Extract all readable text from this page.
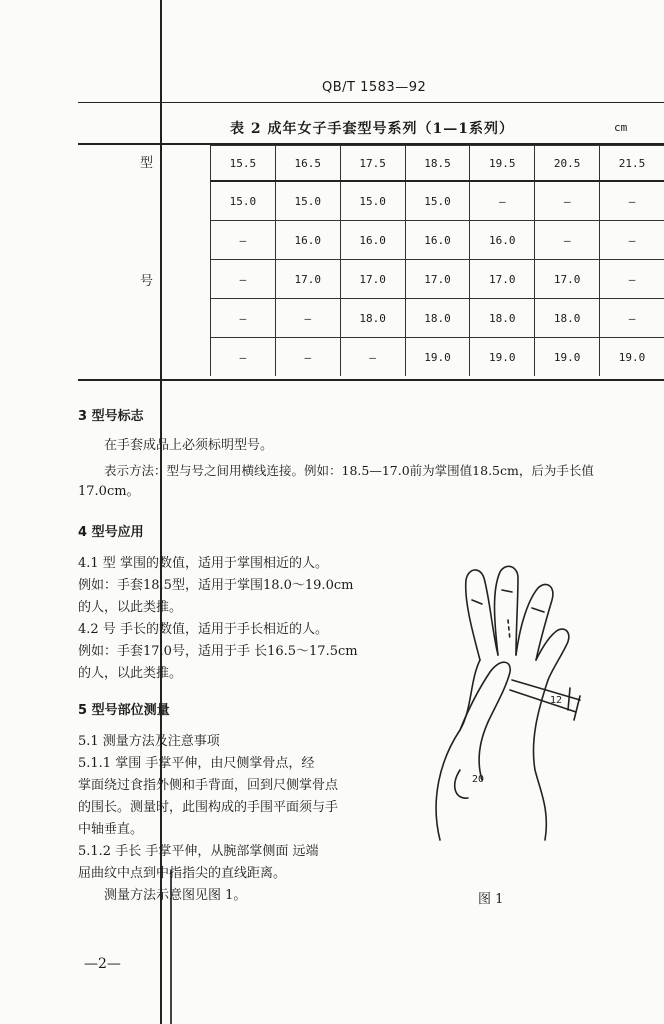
QB/T 1583—92
表 2 成年女子手套型号系列（1—1系列）	cm
型
号
15.5	16.5	17.5	18.5	19.5	20.5	21.5
15.0	15.0	15.0	15.0	—	—	—
—	16.0	16.0	16.0	16.0	—	—
—	17.0	17.0	17.0	17.0	17.0	—
—	—	18.0	18.0	18.0	18.0	—
—	—	—	19.0	19.0	19.0	19.0
3 型号标志
在手套成品上必须标明型号。
表示方法：型与号之间用横线连接。例如：18.5—17.0前为掌围值18.5cm，后为手长值
17.0cm。
4 型号应用
4.1 型 掌围的数值，适用于掌围相近的人。
例如：手套18.5型，适用于掌围18.0～19.0cm
的人，以此类推。
4.2 号 手长的数值，适用于手长相近的人。
例如：手套17.0号，适用于手 长16.5～17.5cm
的人，以此类推。
5 型号部位测量
5.1 测量方法及注意事项
5.1.1 掌围 手掌平伸，由尺侧掌骨点，经
掌面绕过食指外侧和手背面，回到尺侧掌骨点
的围长。测量时，此围构成的手围平面须与手
中轴垂直。
5.1.2 手长 手掌平伸，从腕部掌侧面 远端
屈曲纹中点到中指指尖的直线距离。
测量方法示意图见图 1。
12
20
图 1
—2—
